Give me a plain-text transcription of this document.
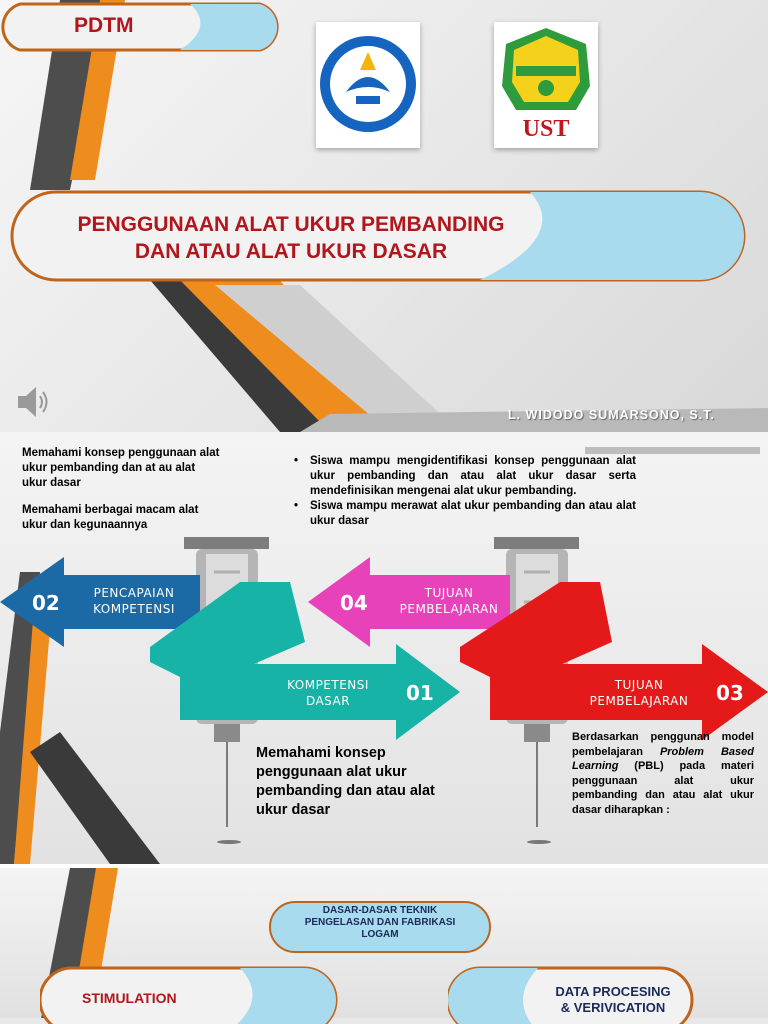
PDTM
UST
PENGGUNAAN ALAT UKUR PEMBANDING
DAN ATAU ALAT UKUR DASAR
L. WIDODO SUMARSONO, S.T.
Memahami konsep penggunaan alat ukur pembanding dan at au alat ukur dasar
Memahami berbagai macam alat ukur dan kegunaannya
• Siswa mampu mengidentifikasi konsep penggunaan alat ukur pembanding dan atau alat ukur dasar serta mendefinisikan mengenai alat ukur pembanding.
• Siswa mampu merawat alat ukur pembanding dan atau alat ukur dasar
02	PENCAPAIAN
KOMPETENSI
01
KOMPETENSI
DASAR
04	TUJUAN
PEMBELAJARAN
03
TUJUAN
PEMBELAJARAN
Memahami konsep penggunaan alat ukur pembanding dan atau alat ukur dasar
Berdasarkan penggunan model pembelajaran Problem Based Learning (PBL) pada materi penggunaan alat ukur pembanding dan atau alat ukur dasar diharapkan :
DASAR-DASAR TEKNIK PENGELASAN DAN FABRIKASI LOGAM
STIMULATION	DATA PROCESING
& VERIVICATION
